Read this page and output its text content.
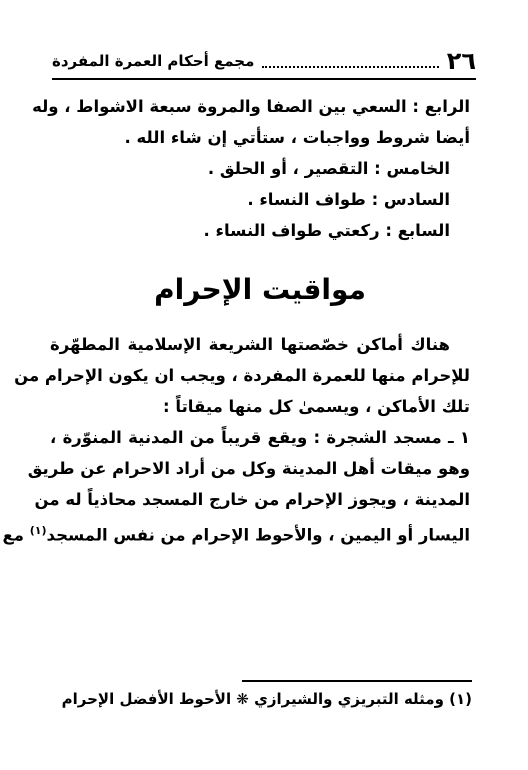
٢٦
مجمع أحكام العمرة المفردة
الرابع : السعي بين الصفا والمروة سبعة الاشواط ، وله
أيضا شروط وواجبات ، ستأتي إن شاء الله .
الخامس : التقصير ، أو الحلق .
السادس : طواف النساء .
السابع : ركعتي طواف النساء .
مواقيت الإحرام
هناك أماكن خصّصتها الشريعة الإسلامية المطهّرة
للإحرام منها للعمرة المفردة ، ويجب ان يكون الإحرام من
تلك الأماكن ، ويسمىٰ كل منها ميقاتاً :
١ ـ مسجد الشجرة : ويقع قريباً من المدنية المنوّرة ،
وهو ميقات أهل المدينة وكل من أراد الاحرام عن طريق
المدينة ، ويجوز الإحرام من خارج المسجد محاذياً له من
اليسار أو اليمين ، والأحوط الإحرام من نفس المسجد$^{(١)}$ مع
(١) ومثله التبريزي والشيرازي ❋ الأحوط الأفضل الإحرام
